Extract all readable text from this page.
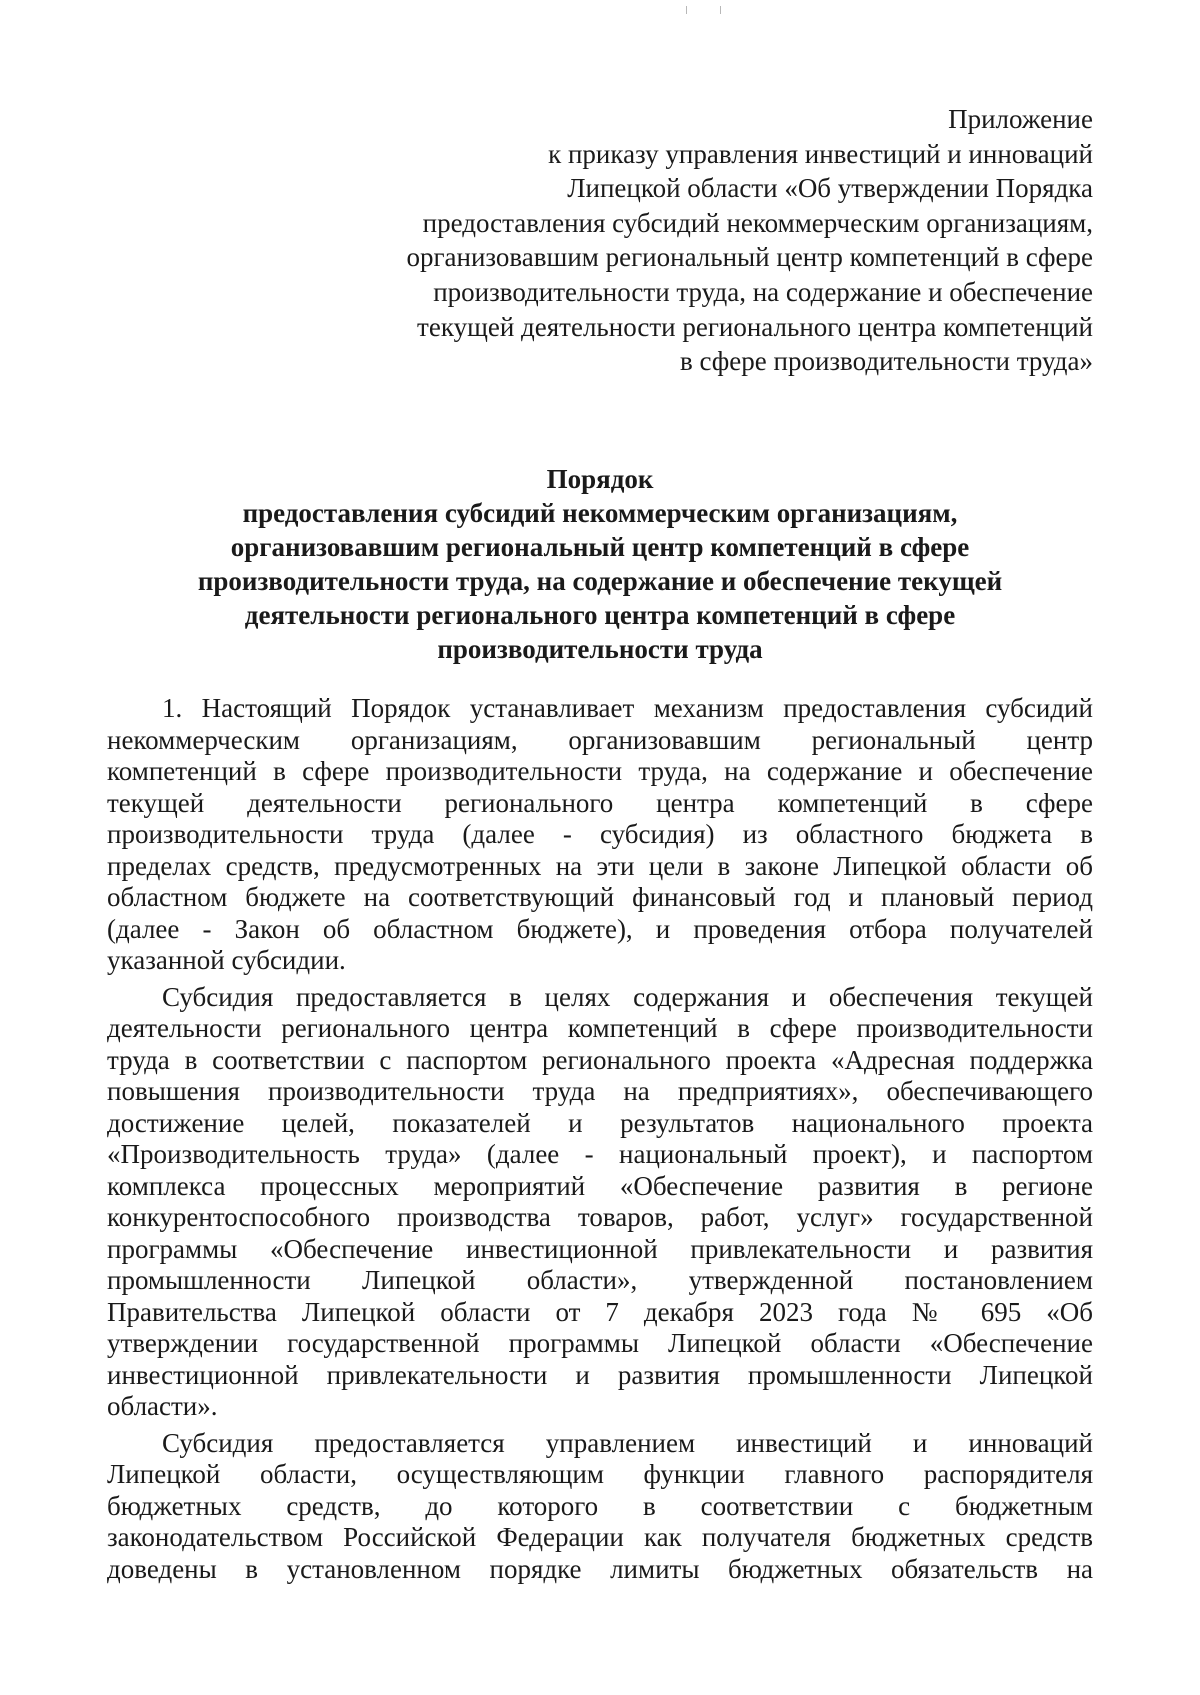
Приложение
к приказу управления инвестиций и инноваций
Липецкой области «Об утверждении Порядка
предоставления субсидий некоммерческим организациям,
организовавшим региональный центр компетенций в сфере
производительности труда, на содержание и обеспечение
текущей деятельности регионального центра компетенций
в сфере производительности труда»
Порядок
предоставления субсидий некоммерческим организациям,
организовавшим региональный центр компетенций в сфере
производительности труда, на содержание и обеспечение текущей
деятельности регионального центра компетенций в сфере
производительности труда
1. Настоящий Порядок устанавливает механизм предоставления субсидий
некоммерческим организациям, организовавшим региональный центр
компетенций в сфере производительности труда, на содержание и обеспечение
текущей деятельности регионального центра компетенций в сфере
производительности труда (далее - субсидия) из областного бюджета в
пределах средств, предусмотренных на эти цели в законе Липецкой области об
областном бюджете на соответствующий финансовый год и плановый период
(далее - Закон об областном бюджете), и проведения отбора получателей
указанной субсидии.
Субсидия предоставляется в целях содержания и обеспечения текущей
деятельности регионального центра компетенций в сфере производительности
труда в соответствии с паспортом регионального проекта «Адресная поддержка
повышения производительности труда на предприятиях», обеспечивающего
достижение целей, показателей и результатов национального проекта
«Производительность труда» (далее - национальный проект), и паспортом
комплекса процессных мероприятий «Обеспечение развития в регионе
конкурентоспособного производства товаров, работ, услуг» государственной
программы «Обеспечение инвестиционной привлекательности и развития
промышленности Липецкой области», утвержденной постановлением
Правительства Липецкой области от 7 декабря 2023 года № 695 «Об
утверждении государственной программы Липецкой области «Обеспечение
инвестиционной привлекательности и развития промышленности Липецкой
области».
Субсидия предоставляется управлением инвестиций и инноваций
Липецкой области, осуществляющим функции главного распорядителя
бюджетных средств, до которого в соответствии с бюджетным
законодательством Российской Федерации как получателя бюджетных средств
доведены в установленном порядке лимиты бюджетных обязательств на
